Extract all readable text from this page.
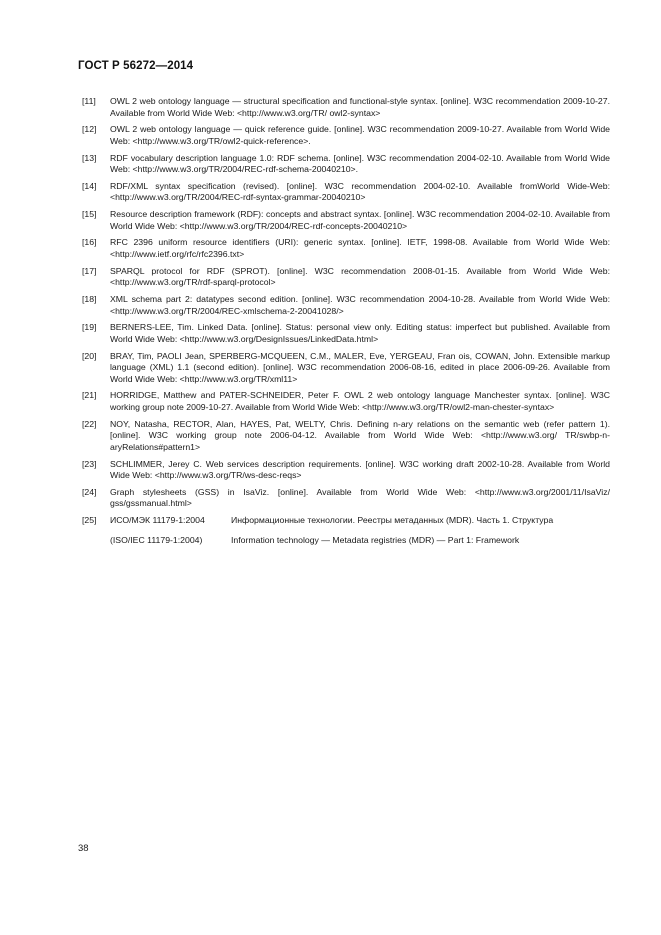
ГОСТ Р 56272—2014
[11]	OWL 2 web ontology language — structural specification and functional-style syntax. [online]. W3C recommendation 2009-10-27. Available from World Wide Web: <http://www.w3.org/TR/ owl2-syntax>
[12]	OWL 2 web ontology language — quick reference guide. [online]. W3C recommendation 2009-10-27. Available from World Wide Web: <http://www.w3.org/TR/owl2-quick-reference>.
[13]	RDF vocabulary description language 1.0: RDF schema. [online]. W3C recommendation 2004-02-10. Available from World Wide Web: <http://www.w3.org/TR/2004/REC-rdf-schema-20040210>.
[14]	RDF/XML syntax specification (revised). [online]. W3C recommendation 2004-02-10. Available fromWorld Wide-Web: <http://www.w3.org/TR/2004/REC-rdf-syntax-grammar-20040210>
[15]	Resource description framework (RDF): concepts and abstract syntax. [online]. W3C recommendation 2004-02-10. Available from World Wide Web: <http://www.w3.org/TR/2004/REC-rdf-concepts-20040210>
[16]	RFC 2396 uniform resource identifiers (URI): generic syntax. [online]. IETF, 1998-08. Available from World Wide Web: <http://www.ietf.org/rfc/rfc2396.txt>
[17]	SPARQL protocol for RDF (SPROT). [online]. W3C recommendation 2008-01-15. Available from World Wide Web: <http://www.w3.org/TR/rdf-sparql-protocol>
[18]	XML schema part 2: datatypes second edition. [online]. W3C recommendation 2004-10-28. Available from World Wide Web: <http://www.w3.org/TR/2004/REC-xmlschema-2-20041028/>
[19]	BERNERS-LEE, Tim. Linked Data. [online]. Status: personal view only. Editing status: imperfect but published. Available from World Wide Web: <http://www.w3.org/DesignIssues/LinkedData.html>
[20]	BRAY, Tim, PAOLI Jean, SPERBERG-MCQUEEN, C.M., MALER, Eve, YERGEAU, Fran ois, COWAN, John. Extensible markup language (XML) 1.1 (second edition). [online]. W3C recommendation 2006-08-16, edited in place 2006-09-26. Available from World Wide Web: <http://www.w3.org/TR/xml11>
[21]	HORRIDGE, Matthew and PATER-SCHNEIDER, Peter F. OWL 2 web ontology language Manchester syntax. [online]. W3C working group note 2009-10-27. Available from World Wide Web: <http://www.w3.org/TR/owl2-man-chester-syntax>
[22]	NOY, Natasha, RECTOR, Alan, HAYES, Pat, WELTY, Chris. Defining n-ary relations on the semantic web (refer pattern 1). [online]. W3C working group note 2006-04-12. Available from World Wide Web: <http://www.w3.org/ TR/swbp-n-aryRelations#pattern1>
[23]	SCHLIMMER, Jerey C. Web services description requirements. [online]. W3C working draft 2002-10-28. Available from World Wide Web: <http://www.w3.org/TR/ws-desc-reqs>
[24]	Graph stylesheets (GSS) in IsaViz. [online]. Available from World Wide Web: <http://www.w3.org/2001/11/IsaViz/ gss/gssmanual.html>
[25]	ИСО/МЭК 11179-1:2004	Информационные технологии. Реестры метаданных (MDR). Часть 1. Структура
(ISO/IEC 11179-1:2004)	Information technology — Metadata registries (MDR) — Part 1: Framework
38
